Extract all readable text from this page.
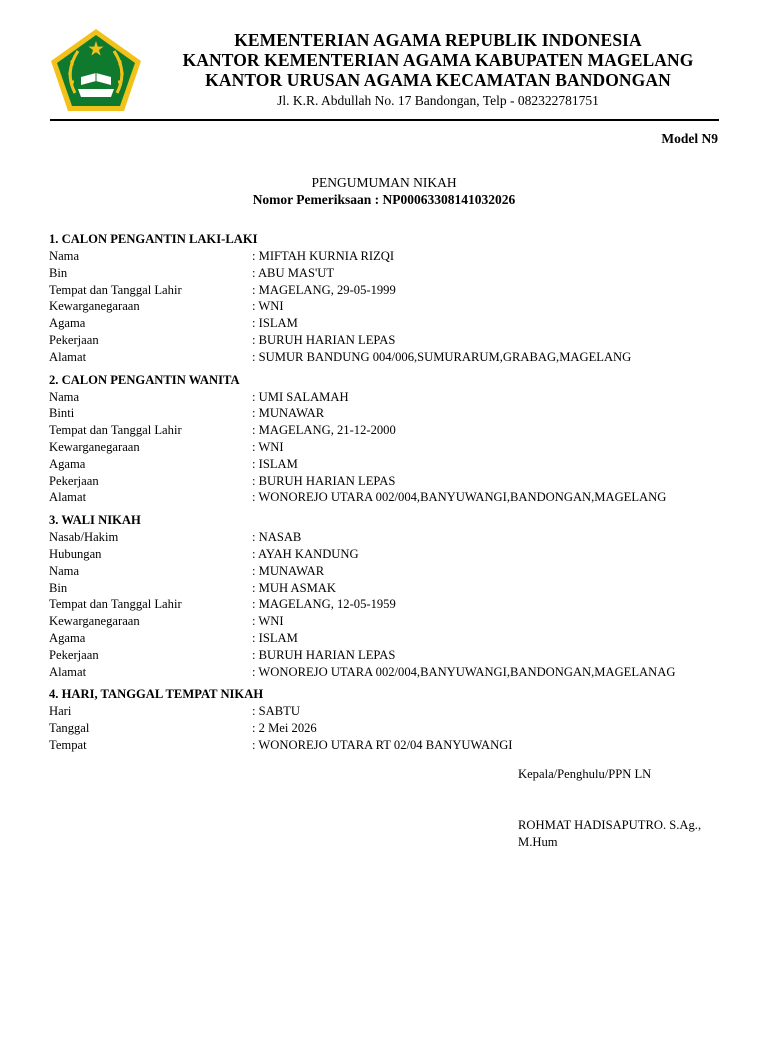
KEMENTERIAN AGAMA REPUBLIK INDONESIA
KANTOR KEMENTERIAN AGAMA KABUPATEN MAGELANG
KANTOR URUSAN AGAMA KECAMATAN BANDONGAN
Jl. K.R. Abdullah No. 17 Bandongan, Telp - 082322781751
Model N9
PENGUMUMAN NIKAH
Nomor Pemeriksaan : NP00063308141032026
1. CALON PENGANTIN LAKI-LAKI
Nama	: MIFTAH KURNIA RIZQI
Bin	: ABU MAS'UT
Tempat dan Tanggal Lahir	: MAGELANG, 29-05-1999
Kewarganegaraan	: WNI
Agama	: ISLAM
Pekerjaan	: BURUH HARIAN LEPAS
Alamat	: SUMUR BANDUNG 004/006,SUMURARUM,GRABAG,MAGELANG
2. CALON PENGANTIN WANITA
Nama	: UMI SALAMAH
Binti	: MUNAWAR
Tempat dan Tanggal Lahir	: MAGELANG, 21-12-2000
Kewarganegaraan	: WNI
Agama	: ISLAM
Pekerjaan	: BURUH HARIAN LEPAS
Alamat	: WONOREJO UTARA 002/004,BANYUWANGI,BANDONGAN,MAGELANG
3. WALI NIKAH
Nasab/Hakim	: NASAB
Hubungan	: AYAH KANDUNG
Nama	: MUNAWAR
Bin	: MUH ASMAK
Tempat dan Tanggal Lahir	: MAGELANG, 12-05-1959
Kewarganegaraan	: WNI
Agama	: ISLAM
Pekerjaan	: BURUH HARIAN LEPAS
Alamat	: WONOREJO UTARA 002/004,BANYUWANGI,BANDONGAN,MAGELANAG
4. HARI, TANGGAL TEMPAT NIKAH
Hari	: SABTU
Tanggal	: 2 Mei 2026
Tempat	: WONOREJO UTARA RT 02/04 BANYUWANGI
Kepala/Penghulu/PPN LN
ROHMAT HADISAPUTRO. S.Ag., M.Hum
